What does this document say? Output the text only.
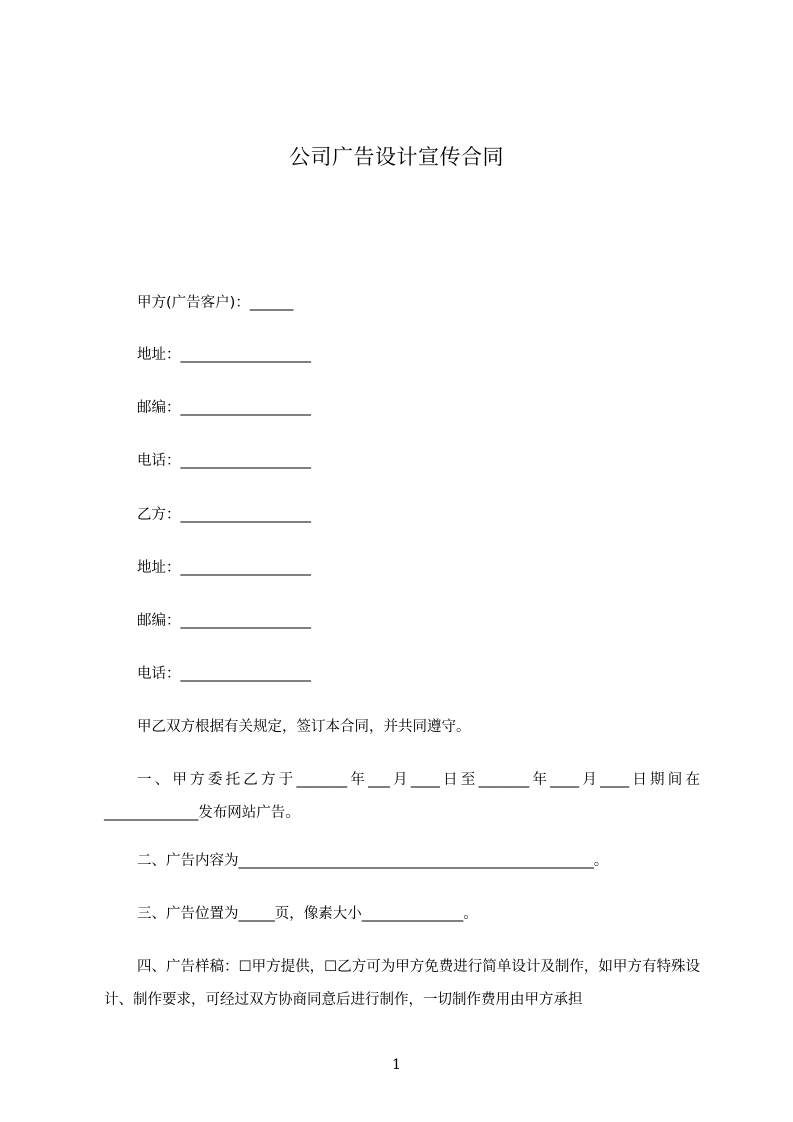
公司广告设计宣传合同

甲方(广告客户)：______

地址：__________________

邮编：__________________

电话：__________________

乙方：__________________

地址：__________________

邮编：__________________

电话：__________________

甲乙双方根据有关规定，签订本合同，并共同遵守。

一、甲方委托乙方于_______年___月____日至_______年____月____日期间在_____________发布网站广告。

二、广告内容为_________________________________________________。

三、广告位置为_____页，像素大小______________。

四、广告样稿：☐甲方提供，☐乙方可为甲方免费进行简单设计及制作，如甲方有特殊设计、制作要求，可经过双方协商同意后进行制作，一切制作费用由甲方承担

1
